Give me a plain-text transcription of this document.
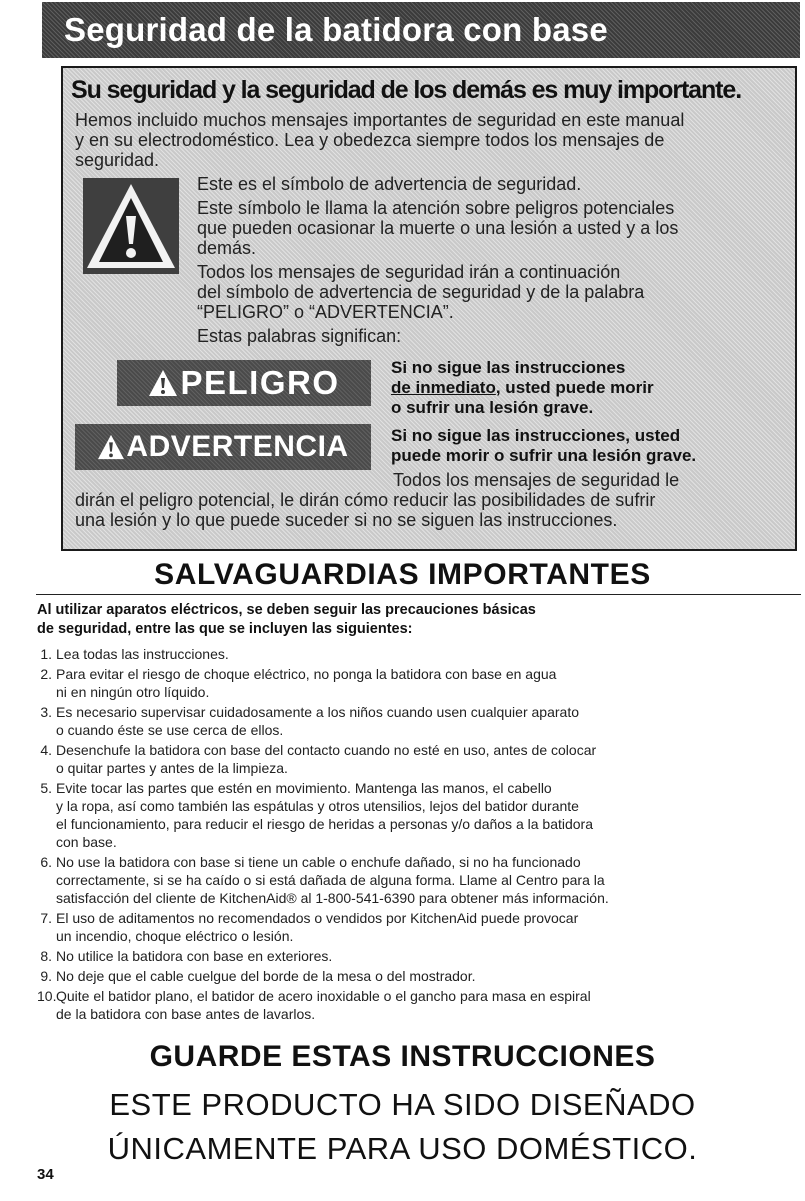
Seguridad de la batidora con base
Su seguridad y la seguridad de los demás es muy importante.
Hemos incluido muchos mensajes importantes de seguridad en este manual
y en su electrodoméstico. Lea y obedezca siempre todos los mensajes de
seguridad.
Este es el símbolo de advertencia de seguridad.
Este símbolo le llama la atención sobre peligros potenciales
que pueden ocasionar la muerte o una lesión a usted y a los
demás.
Todos los mensajes de seguridad irán a continuación
del símbolo de advertencia de seguridad y de la palabra
“PELIGRO” o “ADVERTENCIA”.
Estas palabras significan:
PELIGRO	Si no sigue las instrucciones
de inmediato, usted puede morir
o sufrir una lesión grave.
ADVERTENCIA Si no sigue las instrucciones, usted
puede morir o sufrir una lesión grave.
Todos los mensajes de seguridad le
dirán el peligro potencial, le dirán cómo reducir las posibilidades de sufrir
una lesión y lo que puede suceder si no se siguen las instrucciones.
SALVAGUARDIAS IMPORTANTES
Al utilizar aparatos eléctricos, se deben seguir las precauciones básicas
de seguridad, entre las que se incluyen las siguientes:
1. Lea todas las instrucciones.
2. Para evitar el riesgo de choque eléctrico, no ponga la batidora con base en agua
ni en ningún otro líquido.
3. Es necesario supervisar cuidadosamente a los niños cuando usen cualquier aparato
o cuando éste se use cerca de ellos.
4. Desenchufe la batidora con base del contacto cuando no esté en uso, antes de colocar
o quitar partes y antes de la limpieza.
5. Evite tocar las partes que estén en movimiento. Mantenga las manos, el cabello
y la ropa, así como también las espátulas y otros utensilios, lejos del batidor durante
el funcionamiento, para reducir el riesgo de heridas a personas y/o daños a la batidora
con base.
6. No use la batidora con base si tiene un cable o enchufe dañado, si no ha funcionado
correctamente, si se ha caído o si está dañada de alguna forma. Llame al Centro para la
satisfacción del cliente de KitchenAid® al 1-800-541-6390 para obtener más información.
7. El uso de aditamentos no recomendados o vendidos por KitchenAid puede provocar
un incendio, choque eléctrico o lesión.
8. No utilice la batidora con base en exteriores.
9. No deje que el cable cuelgue del borde de la mesa o del mostrador.
10. Quite el batidor plano, el batidor de acero inoxidable o el gancho para masa en espiral
de la batidora con base antes de lavarlos.
GUARDE ESTAS INSTRUCCIONES
ESTE PRODUCTO HA SIDO DISEÑADO
ÚNICAMENTE PARA USO DOMÉSTICO.
34
